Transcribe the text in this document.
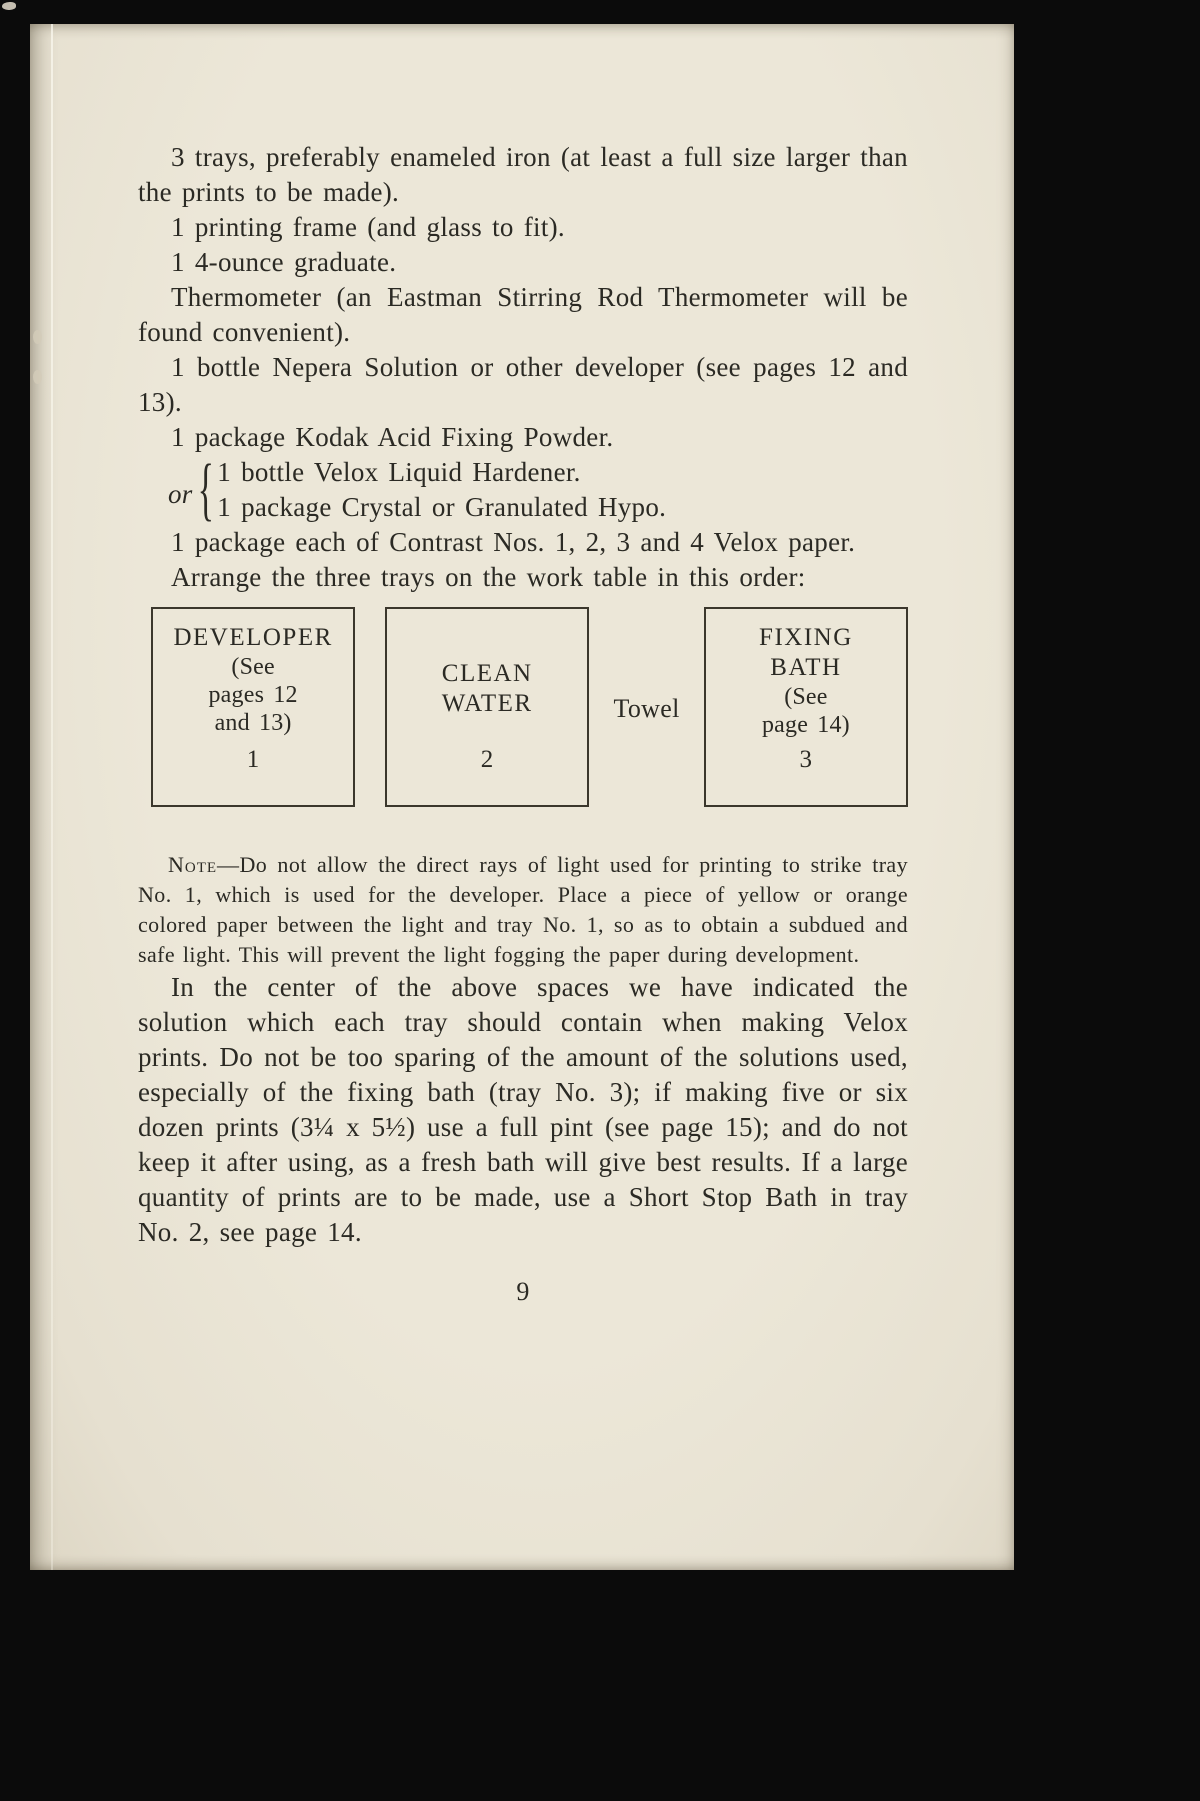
3 trays, preferably enameled iron (at least a full size larger than the prints to be made).

1 printing frame (and glass to fit).

1 4-ounce graduate.

Thermometer (an Eastman Stirring Rod Thermometer will be found convenient).

1 bottle Nepera Solution or other developer (see pages 12 and 13).

1 package Kodak Acid Fixing Powder.

or { 1 bottle Velox Liquid Hardener.
1 package Crystal or Granulated Hypo.

1 package each of Contrast Nos. 1, 2, 3 and 4 Velox paper.

Arrange the three trays on the work table in this order:

DEVELOPER
(See
pages 12
and 13)
1
CLEAN
WATER
2
Towel
FIXING
BATH
(See
page 14)
3

Note—Do not allow the direct rays of light used for printing to strike tray No. 1, which is used for the developer. Place a piece of yellow or orange colored paper between the light and tray No. 1, so as to obtain a subdued and safe light. This will prevent the light fogging the paper during development.

In the center of the above spaces we have indicated the solution which each tray should contain when making Velox prints. Do not be too sparing of the amount of the solutions used, especially of the fixing bath (tray No. 3); if making five or six dozen prints (3¼ x 5½) use a full pint (see page 15); and do not keep it after using, as a fresh bath will give best results. If a large quantity of prints are to be made, use a Short Stop Bath in tray No. 2, see page 14.

9
